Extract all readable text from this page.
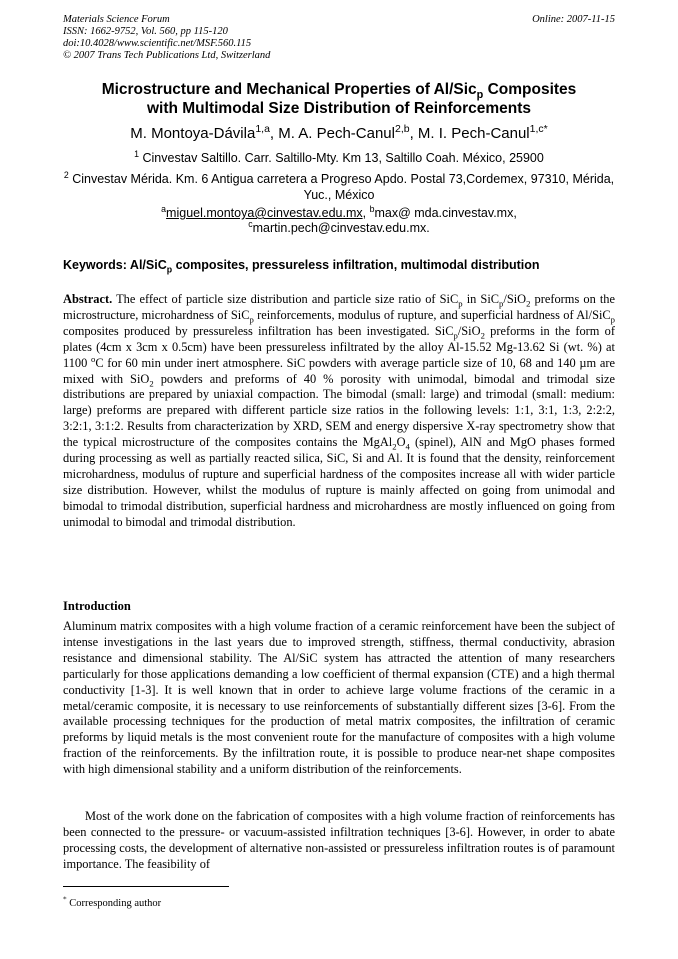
Materials Science Forum
ISSN: 1662-9752, Vol. 560, pp 115-120
doi:10.4028/www.scientific.net/MSF.560.115
© 2007 Trans Tech Publications Ltd, Switzerland
Online: 2007-11-15
Microstructure and Mechanical Properties of Al/Sic$_p$ Composites
with Multimodal Size Distribution of Reinforcements
M. Montoya-Dávila$^{1,a}$, M. A. Pech-Canul$^{2,b}$, M. I. Pech-Canul$^{1,c*}$
$^1$ Cinvestav Saltillo. Carr. Saltillo-Mty. Km 13, Saltillo Coah. México, 25900
$^2$ Cinvestav Mérida. Km. 6 Antigua carretera a Progreso Apdo. Postal 73,Cordemex, 97310, Mérida, Yuc., México
$^a$miguel.montoya@cinvestav.edu.mx, $^b$max@ mda.cinvestav.mx,
$^c$martin.pech@cinvestav.edu.mx.
Keywords: Al/SiC$_p$ composites, pressureless infiltration, multimodal distribution
Abstract. The effect of particle size distribution and particle size ratio of SiC$_p$ in SiC$_p$/SiO$_2$ preforms on the microstructure, microhardness of SiC$_p$ reinforcements, modulus of rupture, and superficial hardness of Al/SiC$_p$ composites produced by pressureless infiltration has been investigated. SiC$_p$/SiO$_2$ preforms in the form of plates (4cm x 3cm x 0.5cm) have been pressureless infiltrated by the alloy Al-15.52 Mg-13.62 Si (wt. %) at 1100 $^o$C for 60 min under inert atmosphere. SiC powders with average particle size of 10, 68 and 140 µm are mixed with SiO$_2$ powders and preforms of 40 % porosity with unimodal, bimodal and trimodal size distributions are prepared by uniaxial compaction. The bimodal (small: large) and trimodal (small: medium: large) preforms are prepared with different particle size ratios in the following levels: 1:1, 3:1, 1:3, 2:2:2, 3:2:1, 3:1:2. Results from characterization by XRD, SEM and energy dispersive X-ray spectrometry show that the typical microstructure of the composites contains the $MgAl_2O_4$ (spinel), AlN and MgO phases formed during processing as well as partially reacted silica, SiC, Si and Al. It is found that the density, reinforcement microhardness, modulus of rupture and superficial hardness of the composites increase all with wider particle size distribution. However, whilst the modulus of rupture is mainly affected on going from unimodal and bimodal to trimodal distribution, superficial hardness and microhardness are mostly influenced on going from unimodal to bimodal and trimodal distribution.
Introduction
Aluminum matrix composites with a high volume fraction of a ceramic reinforcement have been the subject of intense investigations in the last years due to improved strength, stiffness, thermal conductivity, abrasion resistance and dimensional stability. The Al/SiC system has attracted the attention of many researchers particularly for those applications demanding a low coefficient of thermal expansion (CTE) and a high thermal conductivity [1-3]. It is well known that in order to achieve large volume fractions of the ceramic in a metal/ceramic composite, it is necessary to use reinforcements of substantially different sizes [3-6]. From the available processing techniques for the production of metal matrix composites, the infiltration of ceramic preforms by liquid metals is the most convenient route for the manufacture of composites with a high volume fraction of the reinforcements. By the infiltration route, it is possible to produce near-net shape composites with high dimensional stability and a uniform distribution of the reinforcements.
Most of the work done on the fabrication of composites with a high volume fraction of reinforcements has been connected to the pressure- or vacuum-assisted infiltration techniques [3-6]. However, in order to abate processing costs, the development of alternative non-assisted or pressureless infiltration routes is of paramount importance. The feasibility of
* Corresponding author
